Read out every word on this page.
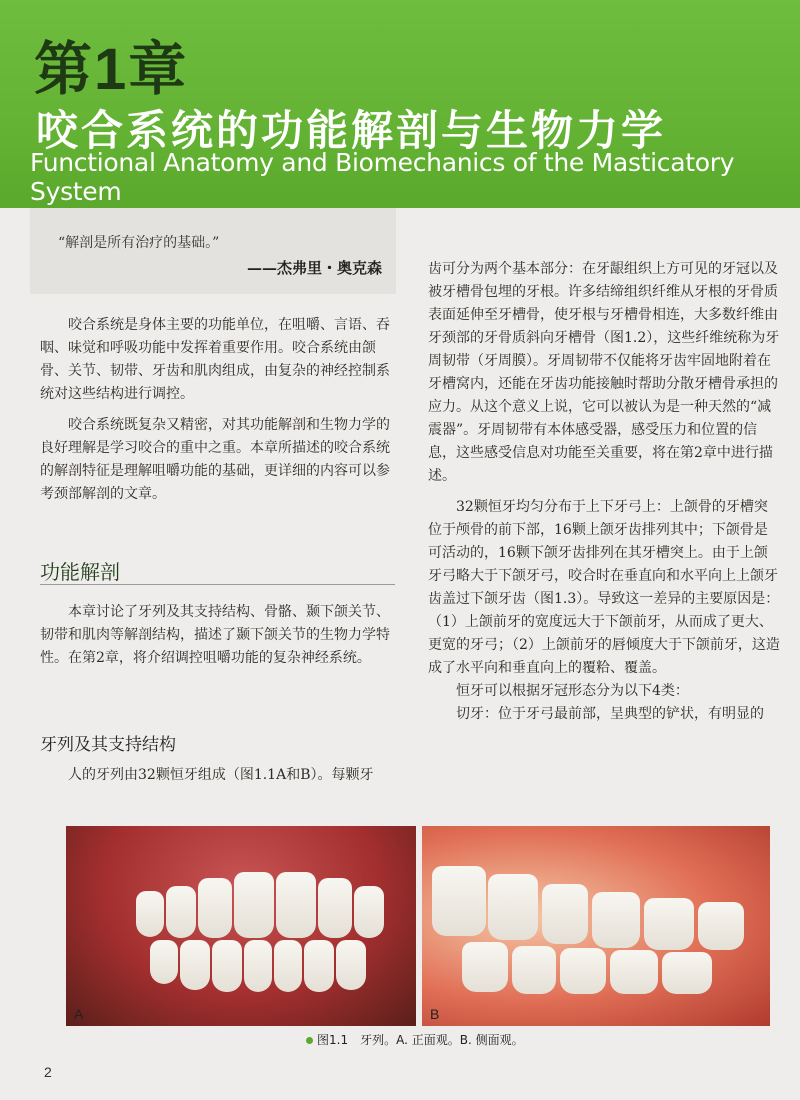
第1章
咬合系统的功能解剖与生物力学
Functional Anatomy and Biomechanics of the Masticatory System
“解剖是所有治疗的基础。”
——杰弗里・奥克森

咬合系统是身体主要的功能单位，在咀嚼、言语、吞咽、味觉和呼吸功能中发挥着重要作用。咬合系统由颌骨、关节、韧带、牙齿和肌肉组成，由复杂的神经控制系统对这些结构进行调控。

咬合系统既复杂又精密，对其功能解剖和生物力学的良好理解是学习咬合的重中之重。本章所描述的咬合系统的解剖特征是理解咀嚼功能的基础，更详细的内容可以参考颈部解剖的文章。

功能解剖

本章讨论了牙列及其支持结构、骨骼、颞下颌关节、韧带和肌肉等解剖结构，描述了颞下颌关节的生物力学特性。在第2章，将介绍调控咀嚼功能的复杂神经系统。

牙列及其支持结构

人的牙列由32颗恒牙组成（图1.1A和B）。每颗牙

齿可分为两个基本部分：在牙龈组织上方可见的牙冠以及被牙槽骨包埋的牙根。许多结缔组织纤维从牙根的牙骨质表面延伸至牙槽骨，使牙根与牙槽骨相连，大多数纤维由牙颈部的牙骨质斜向牙槽骨（图1.2），这些纤维统称为牙周韧带（牙周膜）。牙周韧带不仅能将牙齿牢固地附着在牙槽窝内，还能在牙齿功能接触时帮助分散牙槽骨承担的应力。从这个意义上说，它可以被认为是一种天然的“减震器”。牙周韧带有本体感受器，感受压力和位置的信息，这些感受信息对功能至关重要，将在第2章中进行描述。

32颗恒牙均匀分布于上下牙弓上：上颌骨的牙槽突位于颅骨的前下部，16颗上颌牙齿排列其中；下颌骨是可活动的，16颗下颌牙齿排列在其牙槽突上。由于上颌牙弓略大于下颌牙弓，咬合时在垂直向和水平向上上颌牙齿盖过下颌牙齿（图1.3）。导致这一差异的主要原因是：（1）上颌前牙的宽度远大于下颌前牙，从而成了更大、更宽的牙弓；（2）上颌前牙的唇倾度大于下颌前牙，这造成了水平向和垂直向上的覆粭、覆盖。

恒牙可以根据牙冠形态分为以下4类：

切牙：位于牙弓最前部，呈典型的铲状，有明显的

A	B
图1.1　牙列。A. 正面观。B. 侧面观。
2
